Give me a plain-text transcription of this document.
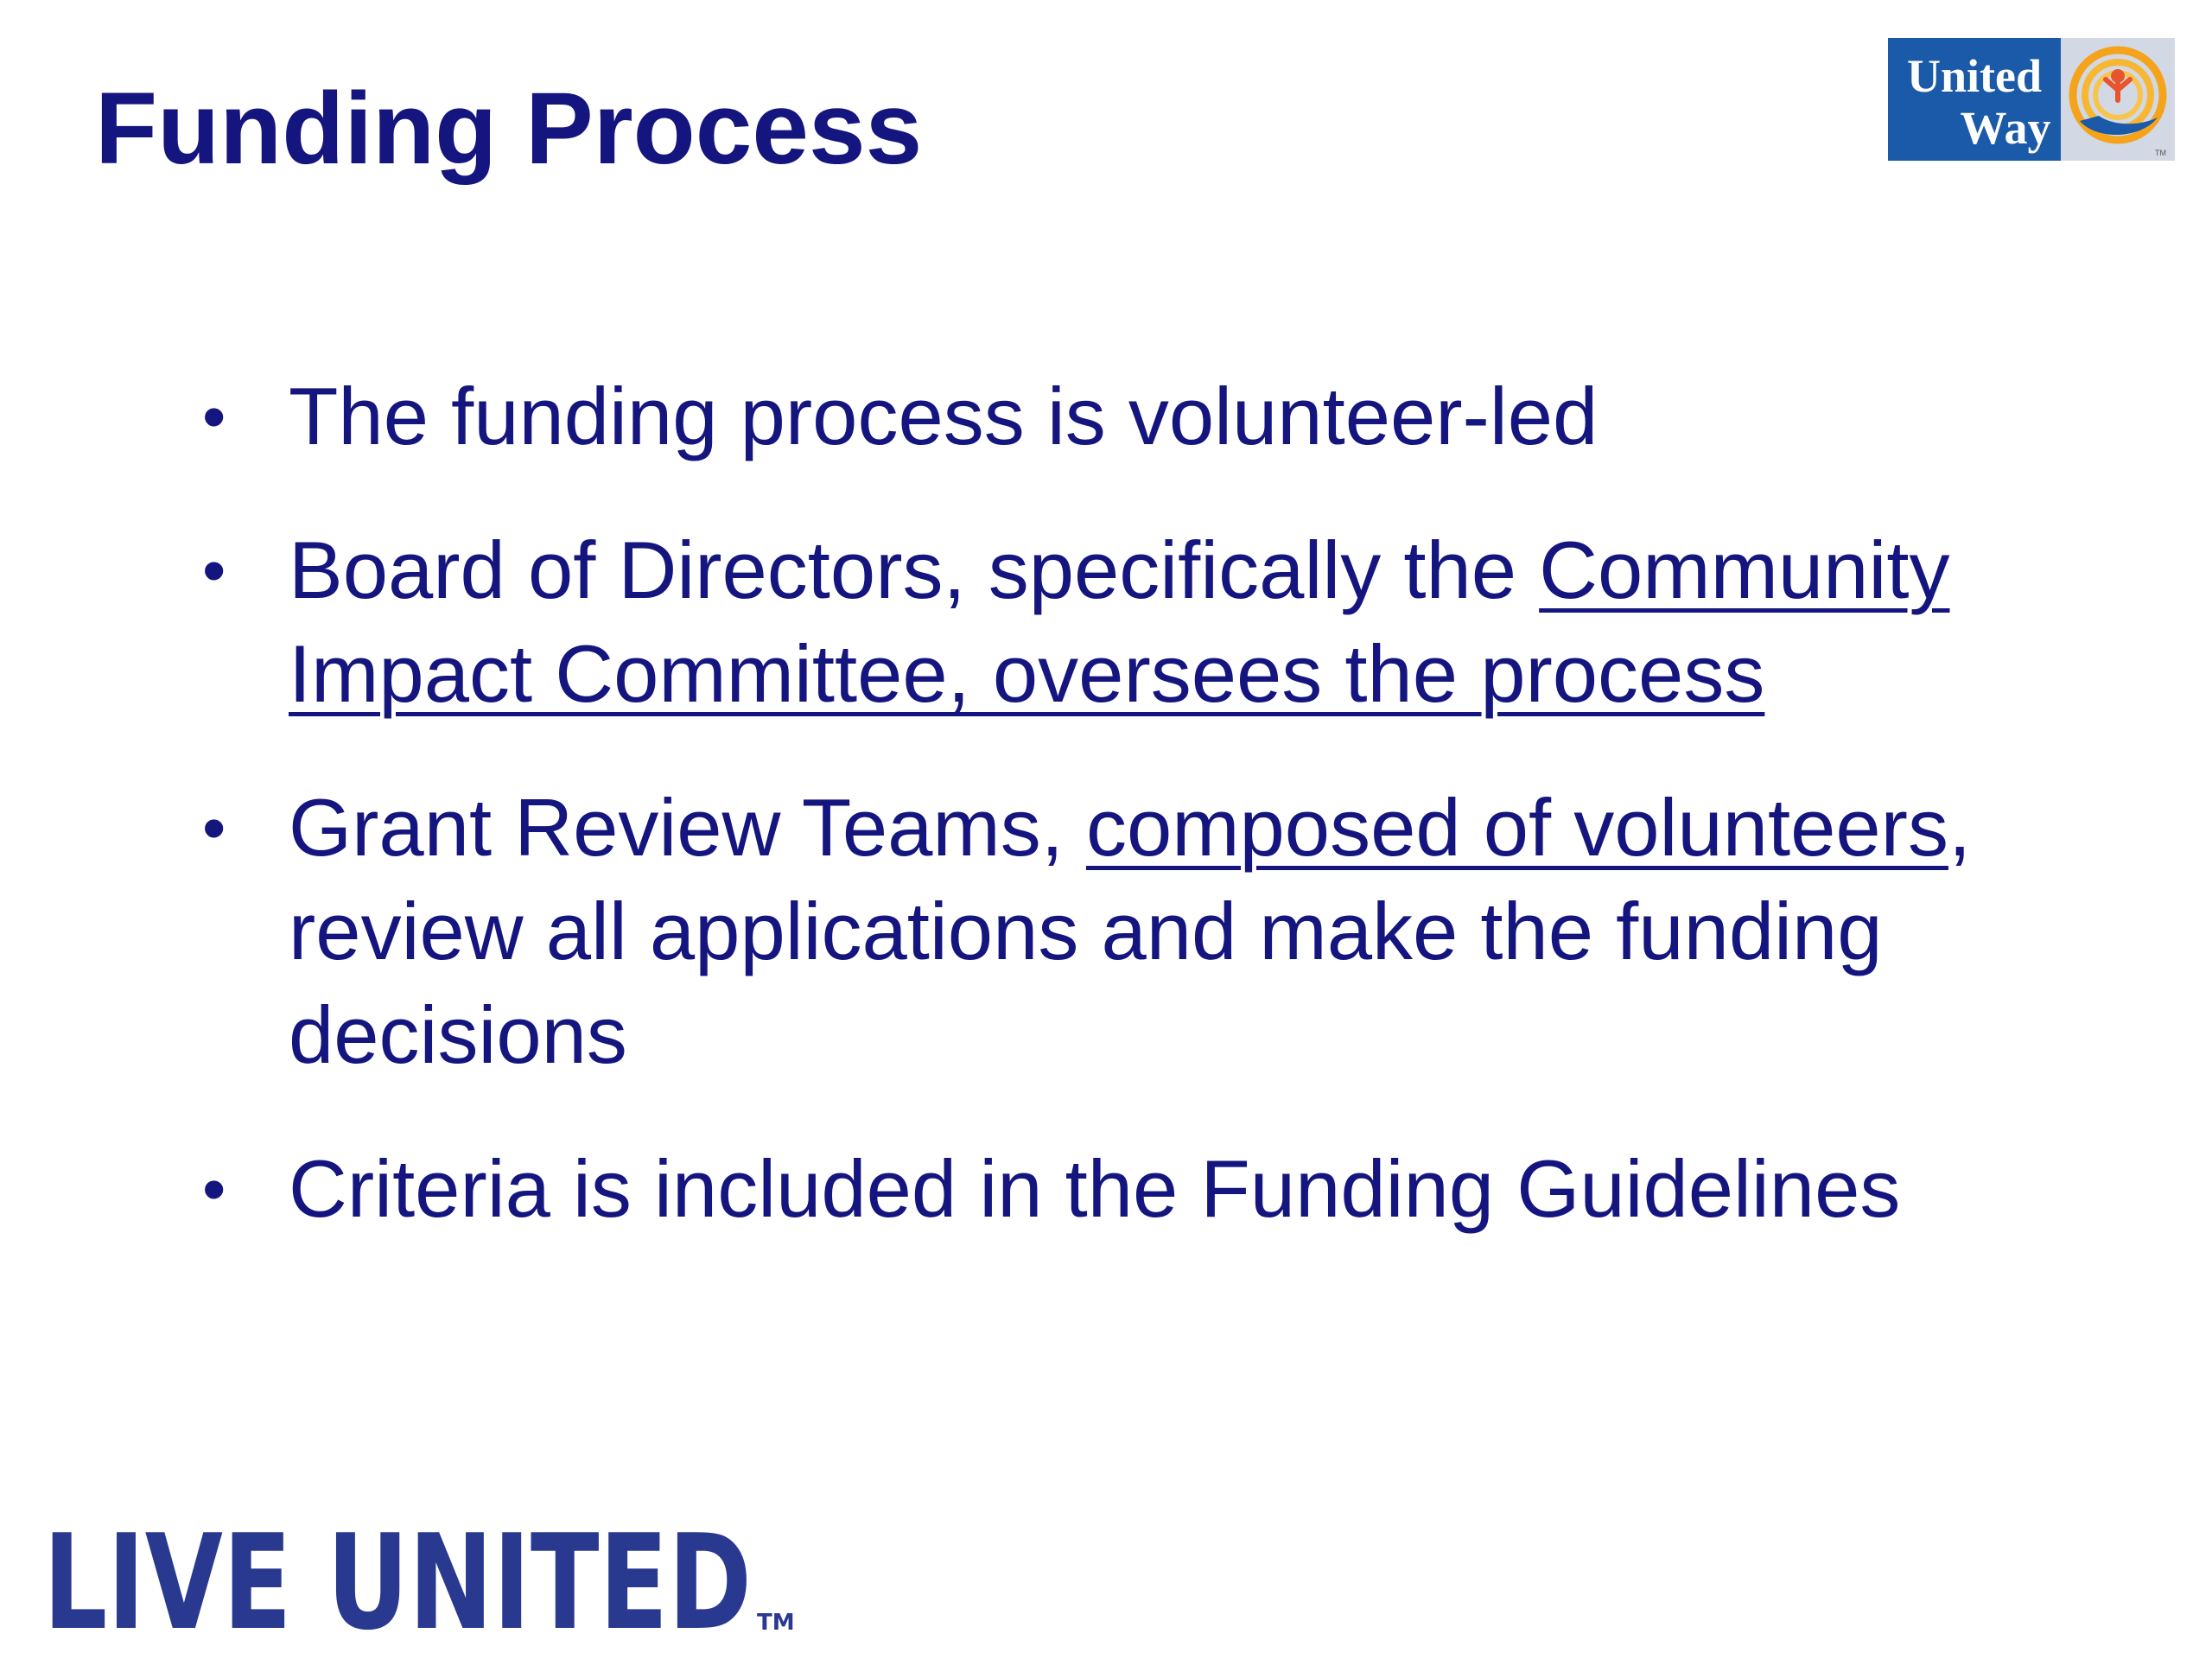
Funding Process	United
Way	TM
• The funding process is volunteer-led
• Board of Directors, specifically the Community Impact Committee, oversees the process
• Grant Review Teams, composed of volunteers, review all applications and make the funding decisions
• Criteria is included in the Funding Guidelines
LIVE UNITED TM
